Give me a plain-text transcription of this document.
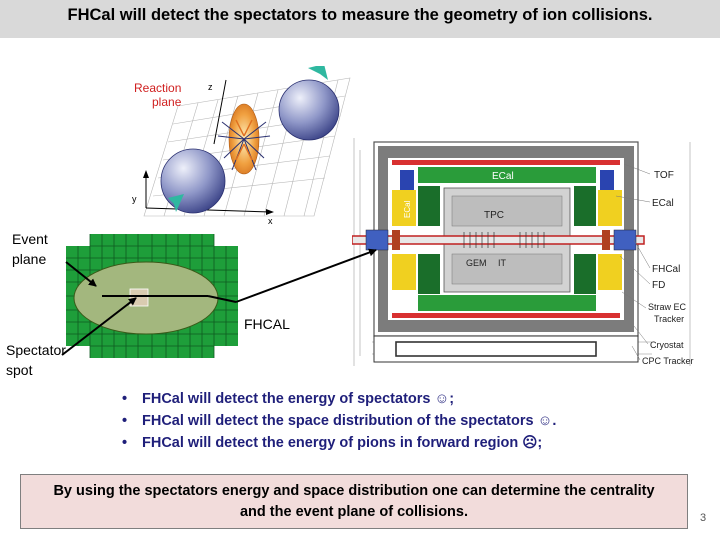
FHCal will detect the spectators to measure the geometry of ion collisions.
Reaction
plane
z
y
x
ECal
ECal	TPC
GEM IT
TOF
ECal
FHCal
FD
Straw EC
Tracker
Cryostat
CPC Tracker
Event
plane
FHCAL
Spectator
spot
• FHCal will detect the energy of spectators ☺;
• FHCal will detect the space distribution of the spectators ☺.
• FHCal will detect the energy of pions in forward region ☹;
By using the spectators energy and space distribution one can determine the centrality
and the event plane of collisions.	3
